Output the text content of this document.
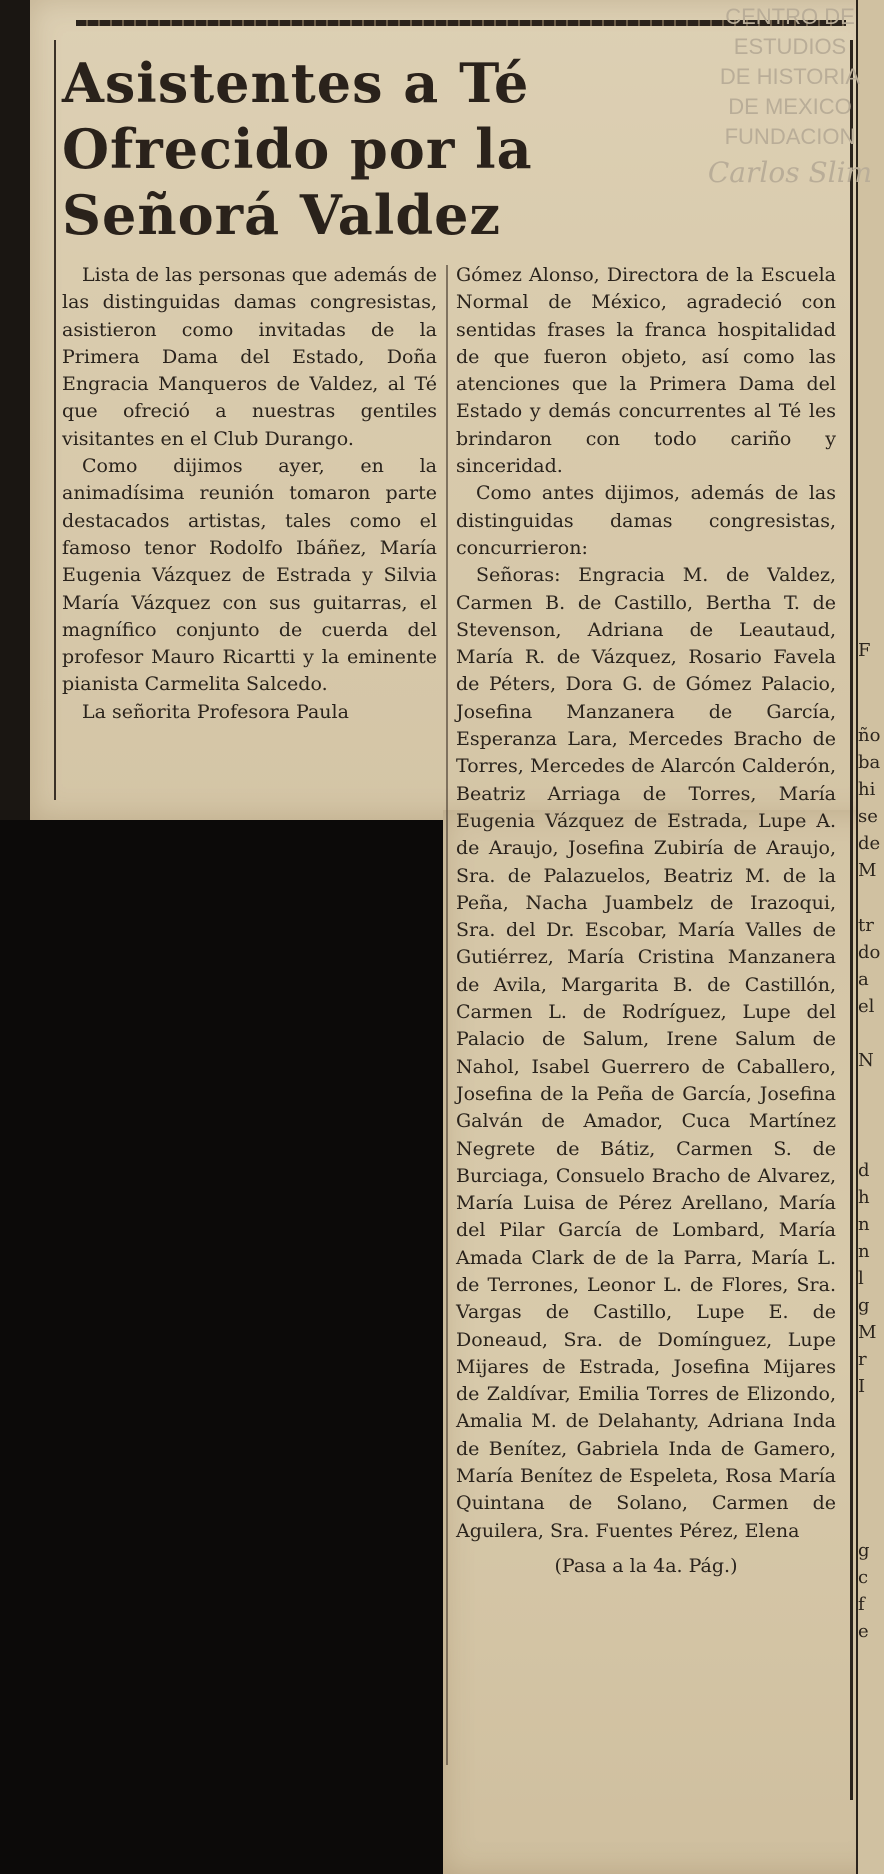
CENTRO DE
ESTUDIOS
DE HISTORIA
DE MEXICO
FUNDACION
Carlos Slim
Asistentes a Té
Ofrecido por la
Señorá Valdez

Lista de las personas que además de las distinguidas damas congresistas, asistieron como invitadas de la Primera Dama del Estado, Doña Engracia Manqueros de Valdez, al Té que ofreció a nuestras gentiles visitantes en el Club Durango.

Como dijimos ayer, en la animadísima reunión tomaron parte destacados artistas, tales como el famoso tenor Rodolfo Ibáñez, María Eugenia Vázquez de Estrada y Silvia María Vázquez con sus guitarras, el magnífico conjunto de cuerda del profesor Mauro Ricartti y la eminente pianista Carmelita Salcedo.

La señorita Profesora Paula

Gómez Alonso, Directora de la Escuela Normal de México, agradeció con sentidas frases la franca hospitalidad de que fueron objeto, así como las atenciones que la Primera Dama del Estado y demás concurrentes al Té les brindaron con todo cariño y sinceridad.

Como antes dijimos, además de las distinguidas damas congresistas, concurrieron:

Señoras: Engracia M. de Valdez, Carmen B. de Castillo, Bertha T. de Stevenson, Adriana de Leautaud, María R. de Vázquez, Rosario Favela de Péters, Dora G. de Gómez Palacio, Josefina Manzanera de García, Esperanza Lara, Mercedes Bracho de Torres, Mercedes de Alarcón Calderón, Beatriz Arriaga de Torres, María Eugenia Vázquez de Estrada, Lupe A. de Araujo, Josefina Zubiría de Araujo, Sra. de Palazuelos, Beatriz M. de la Peña, Nacha Juambelz de Irazoqui, Sra. del Dr. Escobar, María Valles de Gutiérrez, María Cristina Manzanera de Avila, Margarita B. de Castillón, Carmen L. de Rodríguez, Lupe del Palacio de Salum, Irene Salum de Nahol, Isabel Guerrero de Caballero, Josefina de la Peña de García, Josefina Galván de Amador, Cuca Martínez Negrete de Bátiz, Carmen S. de Burciaga, Consuelo Bracho de Alvarez, María Luisa de Pérez Arellano, María del Pilar García de Lombard, María Amada Clark de de la Parra, María L. de Terrones, Leonor L. de Flores, Sra. Vargas de Castillo, Lupe E. de Doneaud, Sra. de Domínguez, Lupe Mijares de Estrada, Josefina Mijares de Zaldívar, Emilia Torres de Elizondo, Amalia M. de Delahanty, Adriana Inda de Benítez, Gabriela Inda de Gamero, María Benítez de Espeleta, Rosa María Quintana de Solano, Carmen de Aguilera, Sra. Fuentes Pérez, Elena

(Pasa a la 4a. Pág.)

F
ño
ba
hi
se
de
M
tr
do
a
el
N
d
h
n
n
l
g
M
r
I
g
c
f
e
